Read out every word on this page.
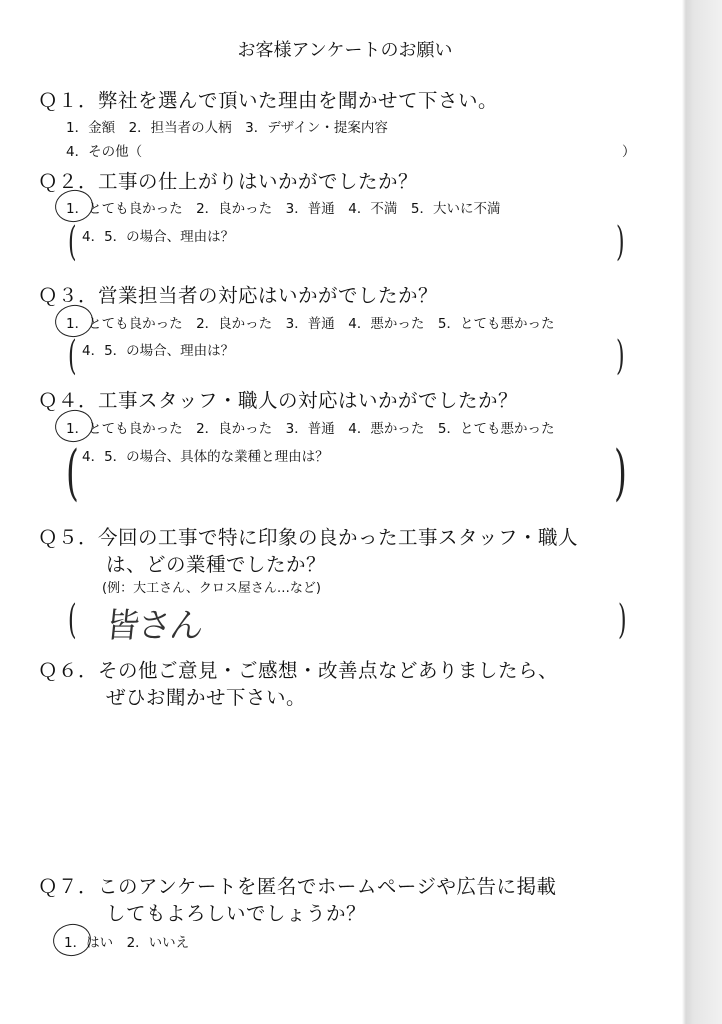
お客様アンケートのお願い
Ｑ１．弊社を選んで頂いた理由を聞かせて下さい。
1．金額　2．担当者の人柄　3．デザイン・提案内容
4．その他（	）
Ｑ２．工事の仕上がりはいかがでしたか？
1．とても良かった　2．良かった　3．普通　4．不満　5．大いに不満
( 4．5．の場合、理由は？	)
Ｑ３．営業担当者の対応はいかがでしたか？
1．とても良かった　2．良かった　3．普通　4．悪かった　5．とても悪かった
( 4．5．の場合、理由は？	)
Ｑ４．工事スタッフ・職人の対応はいかがでしたか？
1．とても良かった　2．良かった　3．普通　4．悪かった　5．とても悪かった
( 4．5．の場合、具体的な業種と理由は？	)
Ｑ５．今回の工事で特に印象の良かった工事スタッフ・職人
は、どの業種でしたか？
(例：大工さん、クロス屋さん…など)
( 皆さん	)
Ｑ６．その他ご意見・ご感想・改善点などありましたら、
ぜひお聞かせ下さい。
Ｑ７．このアンケートを匿名でホームページや広告に掲載
してもよろしいでしょうか？
1．はい　2．いいえ
